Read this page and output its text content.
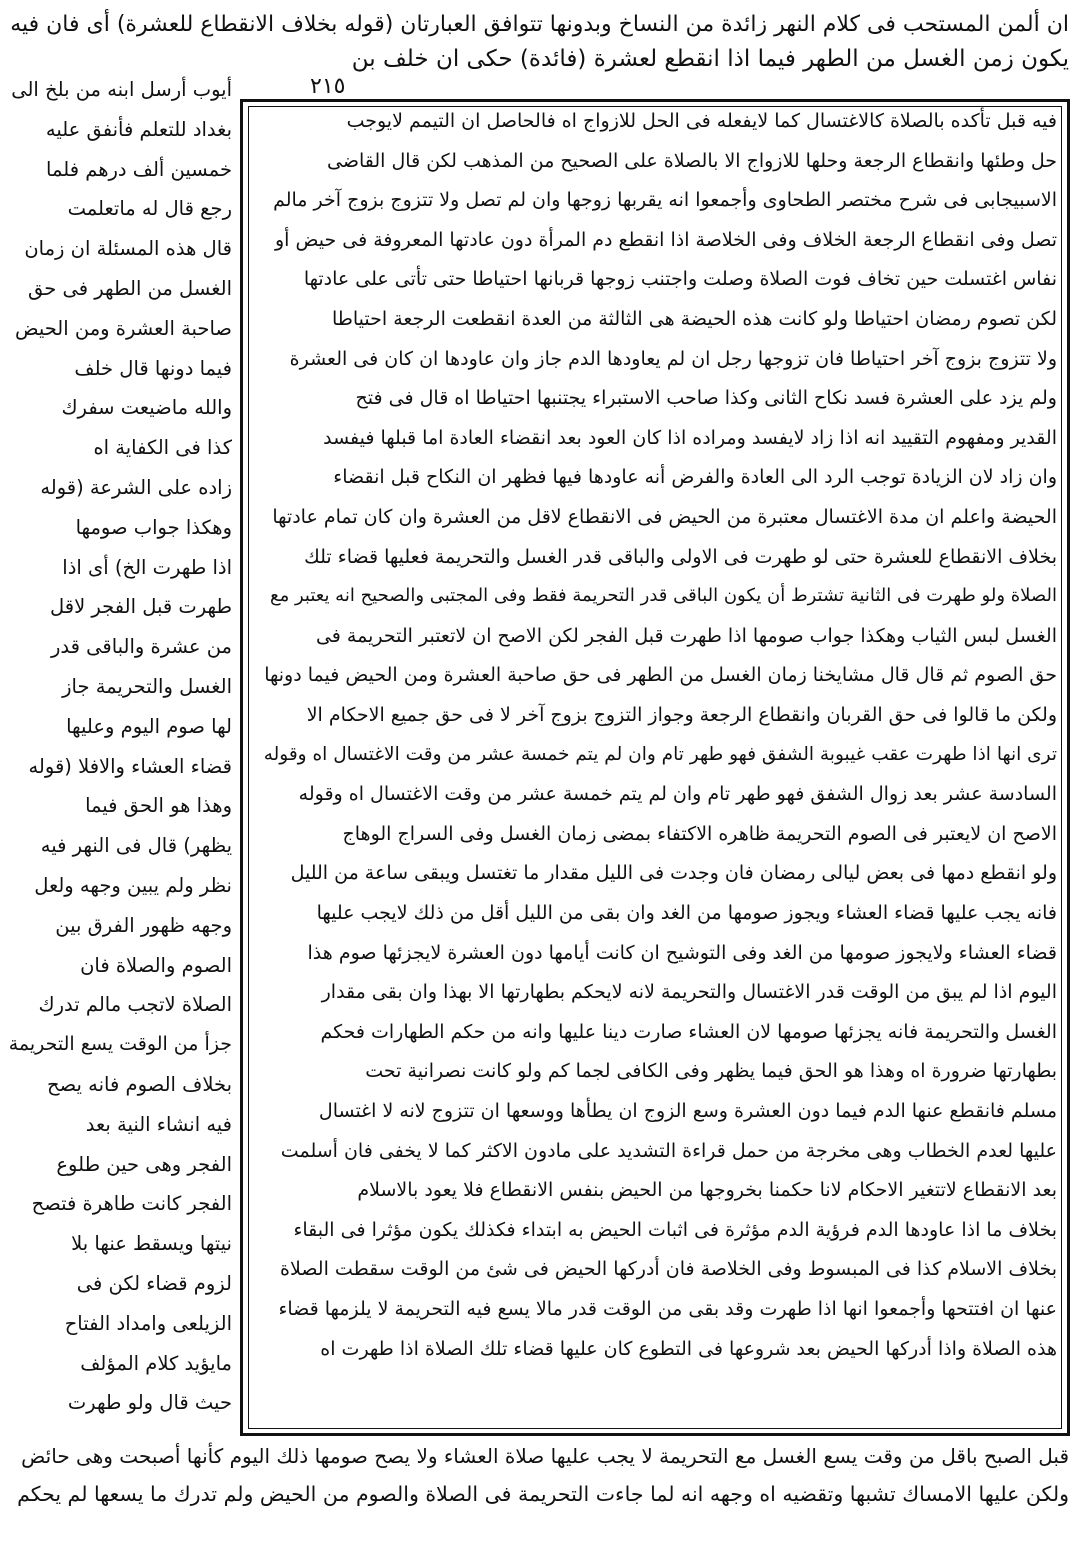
ان ألمن المستحب فى كلام النهر زائدة من النساخ وبدونها تتوافق العبارتان (قوله بخلاف الانقطاع للعشرة) أى فان فيه
يكون زمن الغسل من الطهر فيما اذا انقطع لعشرة (فائدة) حكى ان خلف بن
٢١٥
أيوب أرسل ابنه من بلخ الى
بغداد للتعلم فأنفق عليه
خمسين ألف درهم فلما
رجع قال له ماتعلمت
قال هذه المسئلة ان زمان
الغسل من الطهر فى حق
صاحبة العشرة ومن الحيض
فيما دونها قال خلف
والله ماضيعت سفرك
كذا فى الكفاية اه
زاده على الشرعة (قوله
وهكذا جواب صومها
اذا طهرت الخ) أى اذا
طهرت قبل الفجر لاقل
من عشرة والباقى قدر
الغسل والتحريمة جاز
لها صوم اليوم وعليها
قضاء العشاء والافلا (قوله
وهذا هو الحق فيما
يظهر) قال فى النهر فيه
نظر ولم يبين وجهه ولعل
وجهه ظهور الفرق بين
الصوم والصلاة فان
الصلاة لاتجب مالم تدرك
جزأ من الوقت يسع التحريمة
بخلاف الصوم فانه يصح
فيه انشاء النية بعد
الفجر وهى حين طلوع
الفجر كانت طاهرة فتصح
نيتها ويسقط عنها بلا
لزوم قضاء لكن فى
الزيلعى وامداد الفتاح
مايؤيد كلام المؤلف
حيث قال ولو طهرت
فيه قبل تأكده بالصلاة كالاغتسال كما لايفعله فى الحل للازواج اه فالحاصل ان التيمم لايوجب
حل وطئها وانقطاع الرجعة وحلها للازواج الا بالصلاة على الصحيح من المذهب لكن قال القاضى
الاسبيجابى فى شرح مختصر الطحاوى وأجمعوا انه يقربها زوجها وان لم تصل ولا تتزوج بزوج آخر مالم
تصل وفى انقطاع الرجعة الخلاف وفى الخلاصة اذا انقطع دم المرأة دون عادتها المعروفة فى حيض أو
نفاس اغتسلت حين تخاف فوت الصلاة وصلت واجتنب زوجها قربانها احتياطا حتى تأتى على عادتها
لكن تصوم رمضان احتياطا ولو كانت هذه الحيضة هى الثالثة من العدة انقطعت الرجعة احتياطا
ولا تتزوج بزوج آخر احتياطا فان تزوجها رجل ان لم يعاودها الدم جاز وان عاودها ان كان فى العشرة
ولم يزد على العشرة فسد نكاح الثانى وكذا صاحب الاستبراء يجتنبها احتياطا اه قال فى فتح
القدير ومفهوم التقييد انه اذا زاد لايفسد ومراده اذا كان العود بعد انقضاء العادة اما قبلها فيفسد
وان زاد لان الزيادة توجب الرد الى العادة والفرض أنه عاودها فيها فظهر ان النكاح قبل انقضاء
الحيضة واعلم ان مدة الاغتسال معتبرة من الحيض فى الانقطاع لاقل من العشرة وان كان تمام عادتها
بخلاف الانقطاع للعشرة حتى لو طهرت فى الاولى والباقى قدر الغسل والتحريمة فعليها قضاء تلك
الصلاة ولو طهرت فى الثانية تشترط أن يكون الباقى قدر التحريمة فقط وفى المجتبى والصحيح انه يعتبر مع
الغسل لبس الثياب وهكذا جواب صومها اذا طهرت قبل الفجر لكن الاصح ان لاتعتبر التحريمة فى
حق الصوم ثم قال قال مشايخنا زمان الغسل من الطهر فى حق صاحبة العشرة ومن الحيض فيما دونها
ولكن ما قالوا فى حق القربان وانقطاع الرجعة وجواز التزوج بزوج آخر لا فى حق جميع الاحكام الا
ترى انها اذا طهرت عقب غيبوبة الشفق فهو طهر تام وان لم يتم خمسة عشر من وقت الاغتسال اه وقوله
السادسة عشر بعد زوال الشفق فهو طهر تام وان لم يتم خمسة عشر من وقت الاغتسال اه وقوله
الاصح ان لايعتبر فى الصوم التحريمة ظاهره الاكتفاء بمضى زمان الغسل وفى السراج الوهاج
ولو انقطع دمها فى بعض ليالى رمضان فان وجدت فى الليل مقدار ما تغتسل ويبقى ساعة من الليل
فانه يجب عليها قضاء العشاء ويجوز صومها من الغد وان بقى من الليل أقل من ذلك لايجب عليها
قضاء العشاء ولايجوز صومها من الغد وفى التوشيح ان كانت أيامها دون العشرة لايجزئها صوم هذا
اليوم اذا لم يبق من الوقت قدر الاغتسال والتحريمة لانه لايحكم بطهارتها الا بهذا وان بقى مقدار
الغسل والتحريمة فانه يجزئها صومها لان العشاء صارت دينا عليها وانه من حكم الطهارات فحكم
بطهارتها ضرورة اه وهذا هو الحق فيما يظهر وفى الكافى لجما كم ولو كانت نصرانية تحت
مسلم فانقطع عنها الدم فيما دون العشرة وسع الزوج ان يطأها ووسعها ان تتزوج لانه لا اغتسال
عليها لعدم الخطاب وهى مخرجة من حمل قراءة التشديد على مادون الاكثر كما لا يخفى فان أسلمت
بعد الانقطاع لاتتغير الاحكام لانا حكمنا بخروجها من الحيض بنفس الانقطاع فلا يعود بالاسلام
بخلاف ما اذا عاودها الدم فرؤية الدم مؤثرة فى اثبات الحيض به ابتداء فكذلك يكون مؤثرا فى البقاء
بخلاف الاسلام كذا فى المبسوط وفى الخلاصة فان أدركها الحيض فى شئ من الوقت سقطت الصلاة
عنها ان افتتحها وأجمعوا انها اذا طهرت وقد بقى من الوقت قدر مالا يسع فيه التحريمة لا يلزمها قضاء
هذه الصلاة واذا أدركها الحيض بعد شروعها فى التطوع كان عليها قضاء تلك الصلاة اذا طهرت اه
قبل الصبح باقل من وقت يسع الغسل مع التحريمة لا يجب عليها صلاة العشاء ولا يصح صومها ذلك اليوم كأنها أصبحت وهى حائض
ولكن عليها الامساك تشبها وتقضيه اه وجهه انه لما جاءت التحريمة فى الصلاة والصوم من الحيض ولم تدرك ما يسعها لم يحكم
